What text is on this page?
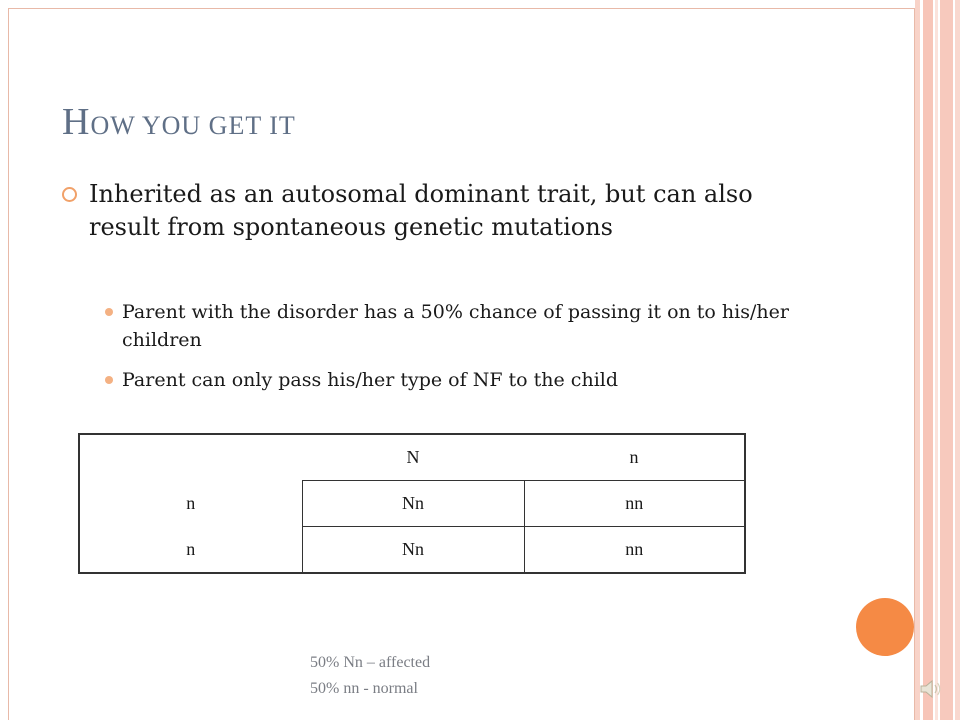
HOW YOU GET IT
Inherited as an autosomal dominant trait, but can also result from spontaneous genetic mutations
Parent with the disorder has a 50% chance of passing it on to his/her children
Parent can only pass his/her type of NF to the child
	N	n
n	Nn	nn
n	Nn	nn
50% Nn – affected
50% nn - normal
